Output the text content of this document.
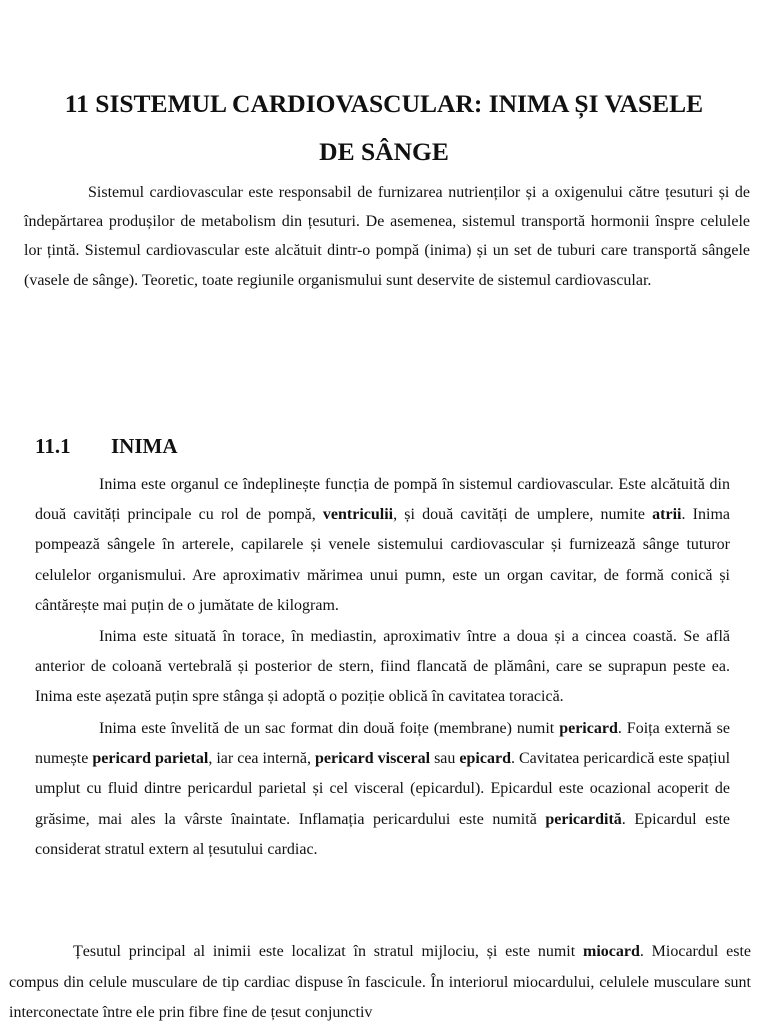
11 SISTEMUL CARDIOVASCULAR: INIMA ȘI VASELE
DE SÂNGE

Sistemul cardiovascular este responsabil de furnizarea nutrienților și a oxigenului către țesuturi și de îndepărtarea produșilor de metabolism din țesuturi. De asemenea, sistemul transportă hormonii înspre celulele lor țintă. Sistemul cardiovascular este alcătuit dintr-o pompă (inima) și un set de tuburi care transportă sângele (vasele de sânge). Teoretic, toate regiunile organismului sunt deservite de sistemul cardiovascular.

11.1 INIMA

Inima este organul ce îndeplinește funcția de pompă în sistemul cardiovascular. Este alcătuită din două cavități principale cu rol de pompă, ventriculii, și două cavități de umplere, numite atrii. Inima pompează sângele în arterele, capilarele și venele sistemului cardiovascular și furnizează sânge tuturor celulelor organismului. Are aproximativ mărimea unui pumn, este un organ cavitar, de formă conică și cântărește mai puțin de o jumătate de kilogram.

Inima este situată în torace, în mediastin, aproximativ între a doua și a cincea coastă. Se află anterior de coloană vertebrală și posterior de stern, fiind flancată de plămâni, care se suprapun peste ea. Inima este așezată puțin spre stânga și adoptă o poziție oblică în cavitatea toracică.

Inima este învelită de un sac format din două foițe (membrane) numit pericard. Foița externă se numește pericard parietal, iar cea internă, pericard visceral sau epicard. Cavitatea pericardică este spațiul umplut cu fluid dintre pericardul parietal și cel visceral (epicardul). Epicardul este ocazional acoperit de grăsime, mai ales la vârste înaintate. Inflamația pericardului este numită pericardită. Epicardul este considerat stratul extern al țesutului cardiac.

Țesutul principal al inimii este localizat în stratul mijlociu, și este numit miocard. Miocardul este compus din celule musculare de tip cardiac dispuse în fascicule. În interiorul miocardului, celulele musculare sunt interconectate între ele prin fibre fine de țesut conjunctiv
